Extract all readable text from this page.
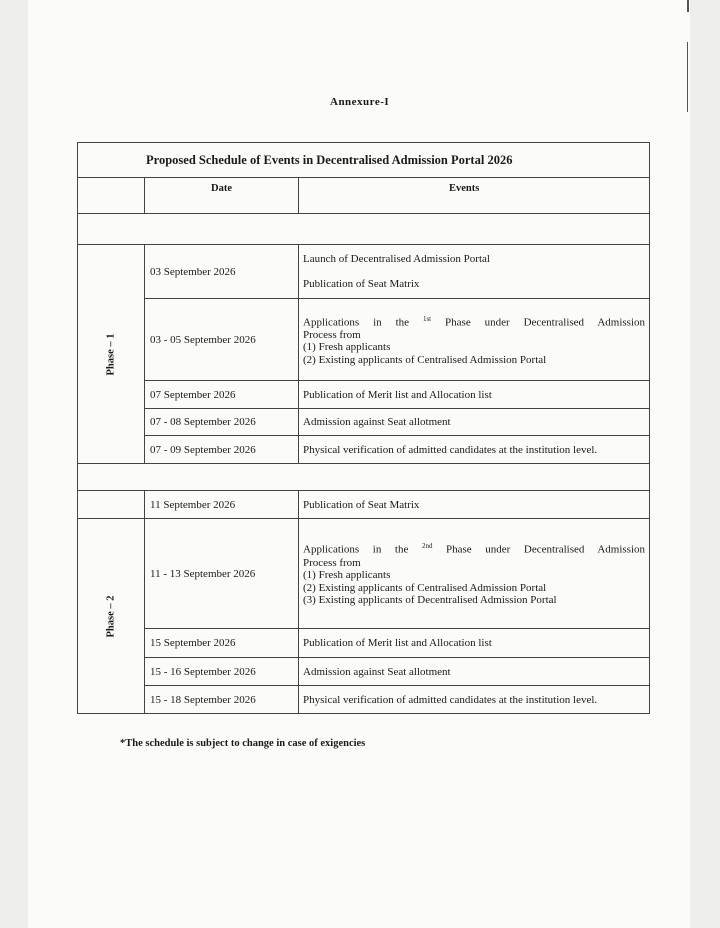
Annexure-I
Proposed Schedule of Events in Decentralised Admission Portal 2026		
	Date	Events

Phase – 1	03 September 2026	Launch of Decentralised Admission Portal
Publication of Seat Matrix

	03 - 05 September 2026	Applications in the $^{1st}$ Phase under Decentralised Admission
Process from
(1) Fresh applicants
(2) Existing applicants of Centralised Admission Portal

	07 September 2026	Publication of Merit list and Allocation list
	07 - 08 September 2026	Admission against Seat allotment
	07 - 09 September 2026	Physical verification of admitted candidates at the institution level.

	11 September 2026	Publication of Seat Matrix
Phase – 2	11 - 13 September 2026	Applications in the $^{2nd}$ Phase under Decentralised Admission
Process from
(1) Fresh applicants
(2) Existing applicants of Centralised Admission Portal
(3) Existing applicants of Decentralised Admission Portal

	15 September 2026	Publication of Merit list and Allocation list
	15 - 16 September 2026	Admission against Seat allotment
	15 - 18 September 2026	Physical verification of admitted candidates at the institution level.
*The schedule is subject to change in case of exigencies
